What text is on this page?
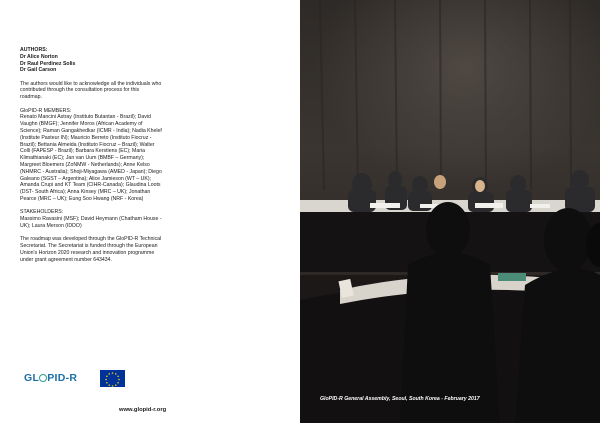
AUTHORS:
Dr Alice Norton
Dr Raul Perdinez Solis
Dr Gail Carson

The authors would like to acknowledge all the individuals who contributed through the consultation process for this roadmap.

GloPID-R MEMBERS:
Renato Mancini Astray (Instituto Butantan - Brazil); David Vaughn (BMGF); Jennifer Moros (African Academy of Science); Raman Gangakhedkar (ICMR - India); Nadia Khelef (Institute Pasteur IN); Mauricio Berreto (Instituto Fiocruz - Brazil); Bettania Almeida (Instituto Fiocruz – Brazil); Walter Colli (FAPESP - Brazil); Barbara Kerstiens (EC); Maria Klimathianaki (EC); Jan van Uum (BMBF – Germany); Margreet Bloemers (ZoNMW - Netherlands); Anne Kelso (NHMRC - Australia); Shoji-Miyagawa (AMED - Japan); Diego Galeano (SGST – Argentina); Alice Jamieson (WT – UK); Amanda Crupi and KT Team (CIHR-Canada); Glaudina Loots (DST- South Africa); Anna Kinsey (MRC – UK); Jonathan Pearce (MRC – UK); Eung Soo Hwang (NRF - Korea)

STAKEHOLDERS:
Massimo Ravasini (MSF); David Heymann (Chatham House - UK); Laura Merson (IDDO)

The roadmap was developed through the GloPID-R Technical Secretariat. The Secretariat is funded through the European Union's Horizon 2020 research and innovation programme under grant agreement number 643434.

GL PID-R
www.glopid-r.org
GloPID-R General Assembly, Seoul, South Korea - February 2017
